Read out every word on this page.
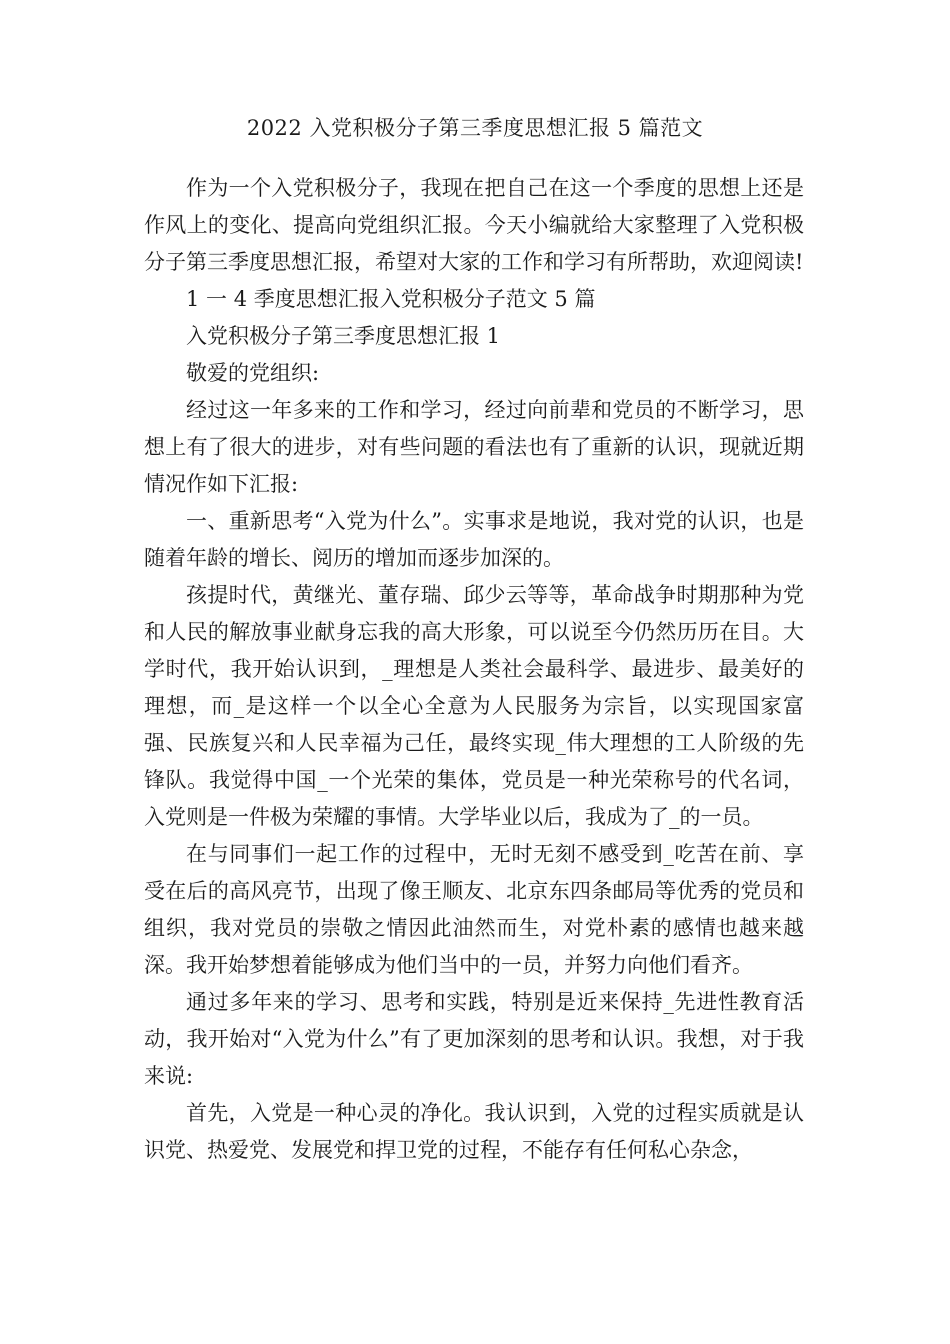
2022 入党积极分子第三季度思想汇报 5 篇范文

作为一个入党积极分子，我现在把自己在这一个季度的思想上还是作风上的变化、提高向党组织汇报。今天小编就给大家整理了入党积极分子第三季度思想汇报，希望对大家的工作和学习有所帮助，欢迎阅读!

1 一 4 季度思想汇报入党积极分子范文 5 篇

入党积极分子第三季度思想汇报 1

敬爱的党组织:

经过这一年多来的工作和学习，经过向前辈和党员的不断学习，思想上有了很大的进步，对有些问题的看法也有了重新的认识，现就近期情况作如下汇报:

一、重新思考“入党为什么”。实事求是地说，我对党的认识，也是随着年龄的增长、阅历的增加而逐步加深的。

孩提时代，黄继光、董存瑞、邱少云等等，革命战争时期那种为党和人民的解放事业献身忘我的高大形象，可以说至今仍然历历在目。大学时代，我开始认识到，_理想是人类社会最科学、最进步、最美好的理想，而_是这样一个以全心全意为人民服务为宗旨，以实现国家富强、民族复兴和人民幸福为己任，最终实现_伟大理想的工人阶级的先锋队。我觉得中国_一个光荣的集体，党员是一种光荣称号的代名词，入党则是一件极为荣耀的事情。大学毕业以后，我成为了_的一员。

在与同事们一起工作的过程中，无时无刻不感受到_吃苦在前、享受在后的高风亮节，出现了像王顺友、北京东四条邮局等优秀的党员和组织，我对党员的崇敬之情因此油然而生，对党朴素的感情也越来越深。我开始梦想着能够成为他们当中的一员，并努力向他们看齐。

通过多年来的学习、思考和实践，特别是近来保持_先进性教育活动，我开始对“入党为什么”有了更加深刻的思考和认识。我想，对于我来说:

首先，入党是一种心灵的净化。我认识到，入党的过程实质就是认识党、热爱党、发展党和捍卫党的过程，不能存有任何私心杂念，
